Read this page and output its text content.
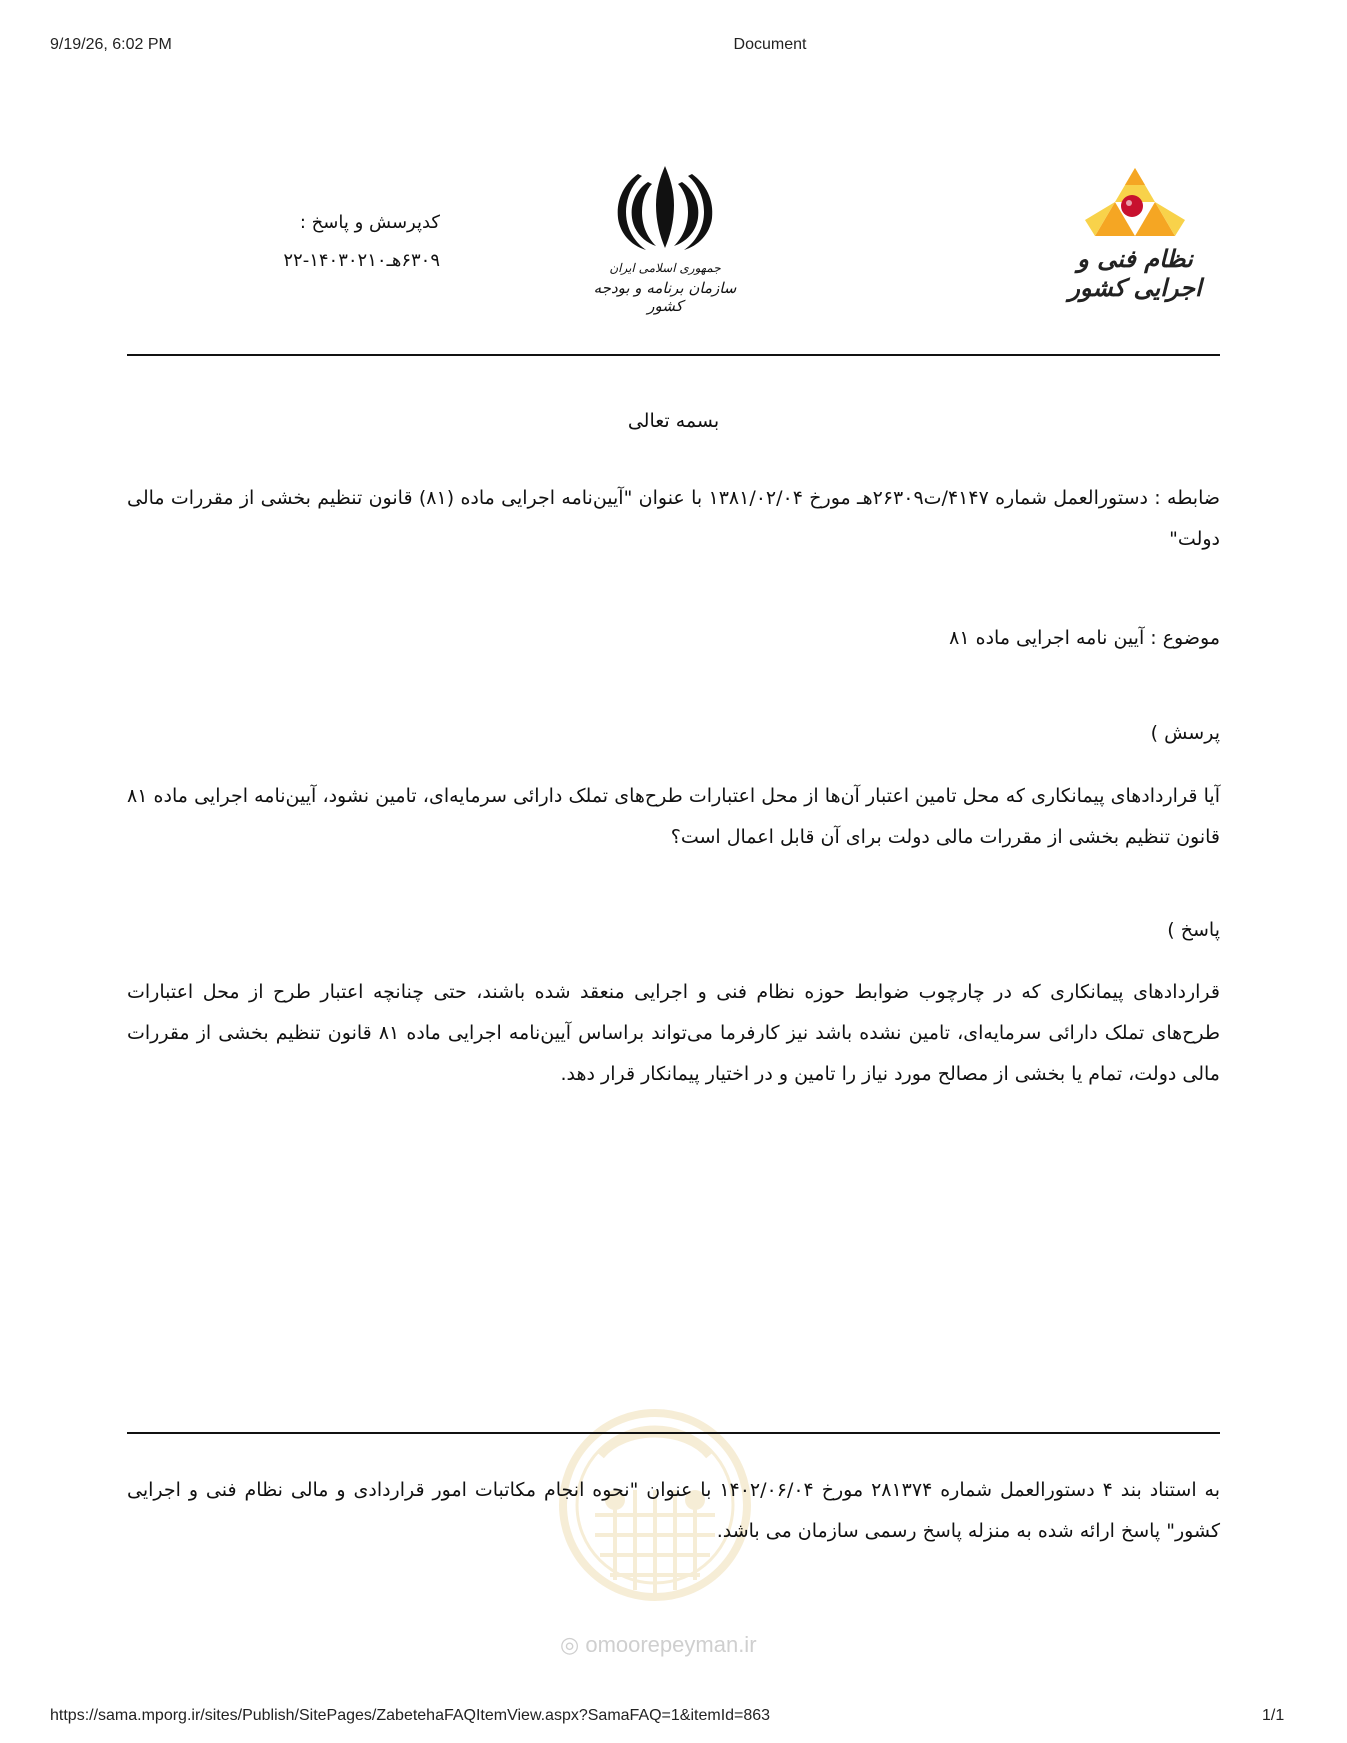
9/19/26, 6:02 PM	Document
کدپرسش و پاسخ :
۶۳۰۹هـ۱۴۰۳۰۲۱۰-۲۲	جمهوری اسلامی ایران
سازمان برنامه و بودجه کشور
نظام فنی و اجرایی کشور
بسمه تعالی
ضابطه : دستورالعمل شماره ۴۱۴۷/ت۲۶۳۰۹هـ مورخ ۱۳۸۱/۰۲/۰۴ با عنوان "آیین‌نامه اجرایی ماده (۸۱) قانون تنظیم بخشی از مقررات مالی دولت"
موضوع : آیین نامه اجرایی ماده ۸۱
پرسش )
آیا قراردادهای پیمانکاری که محل تامین اعتبار آن‌ها از محل اعتبارات طرح‌های تملک دارائی سرمایه‌ای، تامین نشود، آیین‌نامه اجرایی ماده ۸۱ قانون تنظیم بخشی از مقررات مالی دولت برای آن قابل اعمال است؟
پاسخ )
قراردادهای پیمانکاری که در چارچوب ضوابط حوزه نظام فنی و اجرایی منعقد شده باشند، حتی چنانچه اعتبار طرح از محل اعتبارات طرح‌های تملک دارائی سرمایه‌ای، تامین نشده باشد نیز کارفرما می‌تواند براساس آیین‌نامه اجرایی ماده ۸۱ قانون تنظیم بخشی از مقررات مالی دولت، تمام یا بخشی از مصالح مورد نیاز را تامین و در اختیار پیمانکار قرار دهد.
◎ omoorepeyman.ir
به استناد بند ۴ دستورالعمل شماره ۲۸۱۳۷۴ مورخ ۱۴۰۲/۰۶/۰۴ با عنوان "نحوه انجام مکاتبات امور قراردادی و مالی نظام فنی و اجرایی کشور" پاسخ ارائه شده به منزله پاسخ رسمی سازمان می باشد.
https://sama.mporg.ir/sites/Publish/SitePages/ZabetehaFAQItemView.aspx?SamaFAQ=1&itemId=863	1/1
